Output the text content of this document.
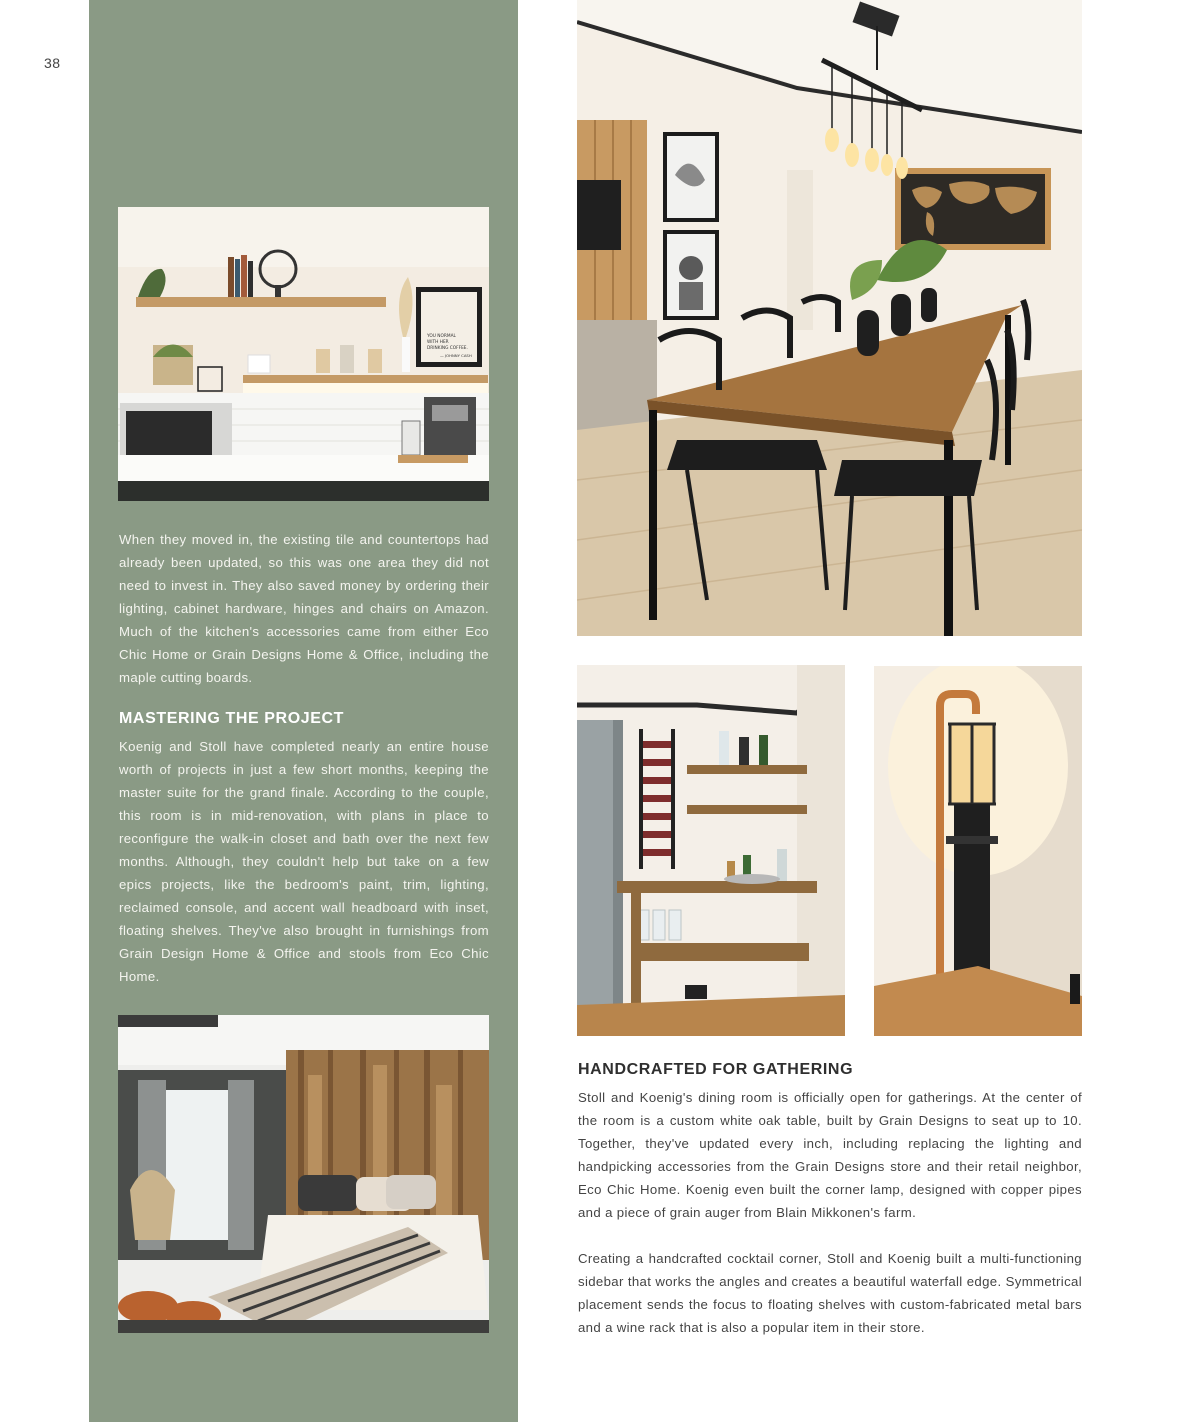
38
YOU NORMAL
WITH HER
DRINKING COFFEE.
— JOHNNY CASH

When they moved in, the existing tile and countertops had already been updated, so this was one area they did not need to invest in. They also saved money by ordering their lighting, cabinet hardware, hinges and chairs on Amazon. Much of the kitchen's accessories came from either Eco Chic Home or Grain Designs Home & Office, including the maple cutting boards.

MASTERING THE PROJECT

Koenig and Stoll have completed nearly an entire house worth of projects in just a few short months, keeping the master suite for the grand finale. According to the couple, this room is in mid-renovation, with plans in place to reconfigure the walk-in closet and bath over the next few months. Although, they couldn't help but take on a few epics projects, like the bedroom's paint, trim, lighting, reclaimed console, and accent wall headboard with inset, floating shelves. They've also brought in furnishings from Grain Design Home & Office and stools from Eco Chic Home.

HANDCRAFTED FOR GATHERING

Stoll and Koenig's dining room is officially open for gatherings. At the center of the room is a custom white oak table, built by Grain Designs to seat up to 10. Together, they've updated every inch, including replacing the lighting and handpicking accessories from the Grain Designs store and their retail neighbor, Eco Chic Home. Koenig even built the corner lamp, designed with copper pipes and a piece of grain auger from Blain Mikkonen's farm.

Creating a handcrafted cocktail corner, Stoll and Koenig built a multi-functioning sidebar that works the angles and creates a beautiful waterfall edge. Symmetrical placement sends the focus to floating shelves with custom-fabricated metal bars and a wine rack that is also a popular item in their store.
